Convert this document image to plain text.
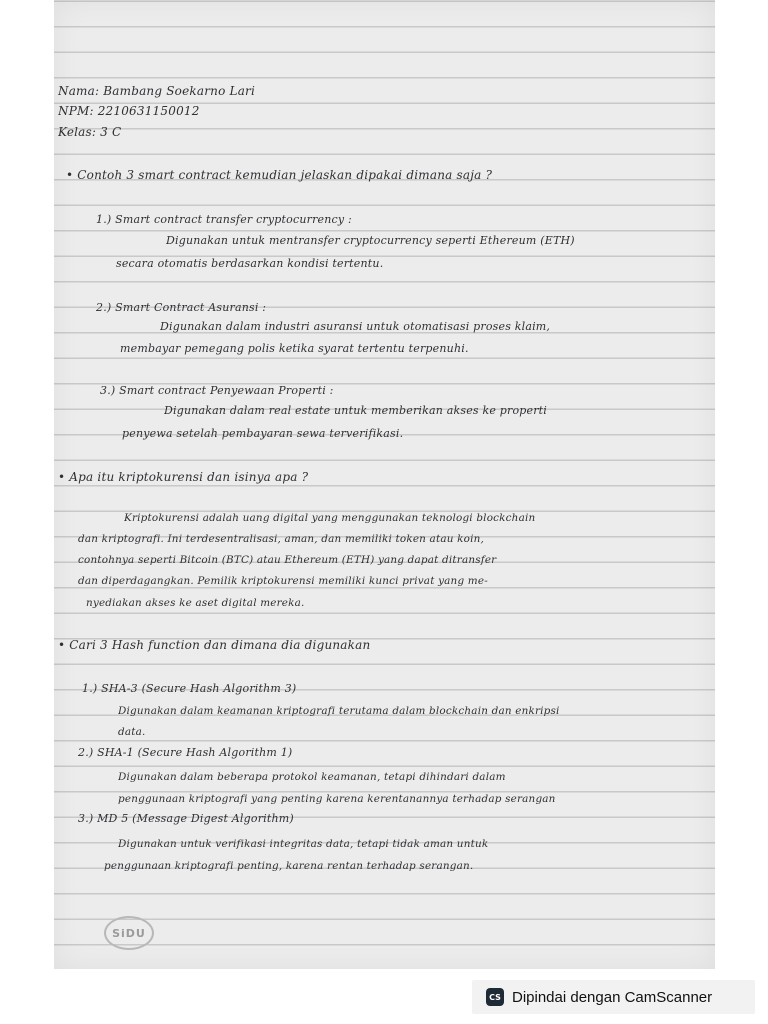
Nama: Bambang Soekarno Lari
NPM: 2210631150012
Kelas: 3 C
• Contoh 3 smart contract kemudian jelaskan dipakai dimana saja ?
1.) Smart contract transfer cryptocurrency :
Digunakan untuk mentransfer cryptocurrency seperti Ethereum (ETH)
secara otomatis berdasarkan kondisi tertentu.
2.) Smart Contract Asuransi :
Digunakan dalam industri asuransi untuk otomatisasi proses klaim,
membayar pemegang polis ketika syarat tertentu terpenuhi.
3.) Smart contract Penyewaan Properti :
Digunakan dalam real estate untuk memberikan akses ke properti
penyewa setelah pembayaran sewa terverifikasi.
• Apa itu kriptokurensi dan isinya apa ?
Kriptokurensi adalah uang digital yang menggunakan teknologi blockchain
dan kriptografi. Ini terdesentralisasi, aman, dan memiliki token atau koin,
contohnya seperti Bitcoin (BTC) atau Ethereum (ETH) yang dapat ditransfer
dan diperdagangkan. Pemilik kriptokurensi memiliki kunci privat yang me-
nyediakan akses ke aset digital mereka.
• Cari 3 Hash function dan dimana dia digunakan
1.) SHA-3 (Secure Hash Algorithm 3)
Digunakan dalam keamanan kriptografi terutama dalam blockchain dan enkripsi
data.
2.) SHA-1 (Secure Hash Algorithm 1)
Digunakan dalam beberapa protokol keamanan, tetapi dihindari dalam
penggunaan kriptografi yang penting karena kerentanannya terhadap serangan
3.) MD 5 (Message Digest Algorithm)
Digunakan untuk verifikasi integritas data, tetapi tidak aman untuk
penggunaan kriptografi penting, karena rentan terhadap serangan.
SiDU
CS Dipindai dengan CamScanner
